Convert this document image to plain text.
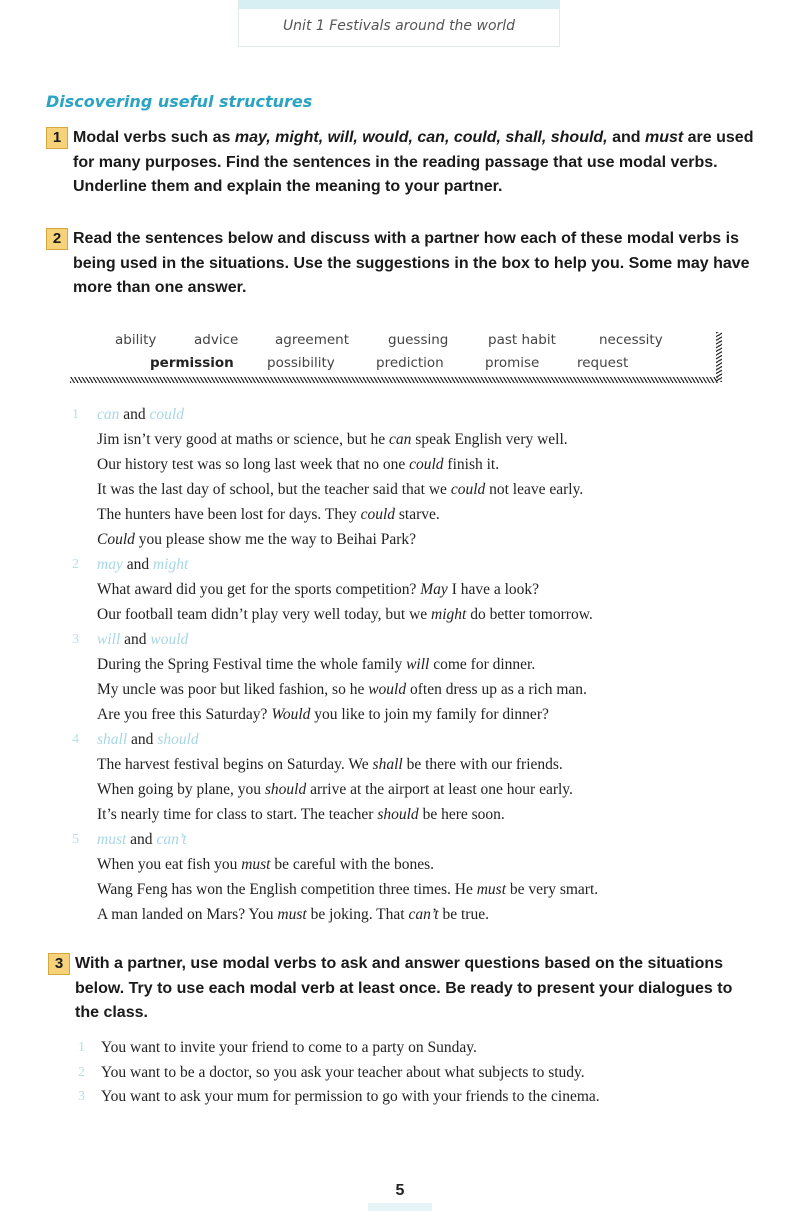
Unit 1 Festivals around the world
Discovering useful structures
1 Modal verbs such as may, might, will, would, can, could, shall, should, and must are used for many purposes. Find the sentences in the reading passage that use modal verbs. Underline them and explain the meaning to your partner.
2 Read the sentences below and discuss with a partner how each of these modal verbs is being used in the situations. Use the suggestions in the box to help you. Some may have more than one answer.
ability	advice	agreement	guessing	past habit	necessity
permission possibility	prediction	promise	request
1 can and could
Jim isn’t very good at maths or science, but he can speak English very well.
Our history test was so long last week that no one could finish it.
It was the last day of school, but the teacher said that we could not leave early.
The hunters have been lost for days. They could starve.
Could you please show me the way to Beihai Park?
2 may and might
What award did you get for the sports competition? May I have a look?
Our football team didn’t play very well today, but we might do better tomorrow.
3 will and would
During the Spring Festival time the whole family will come for dinner.
My uncle was poor but liked fashion, so he would often dress up as a rich man.
Are you free this Saturday? Would you like to join my family for dinner?
4 shall and should
The harvest festival begins on Saturday. We shall be there with our friends.
When going by plane, you should arrive at the airport at least one hour early.
It’s nearly time for class to start. The teacher should be here soon.
5 must and can’t
When you eat fish you must be careful with the bones.
Wang Feng has won the English competition three times. He must be very smart.
A man landed on Mars? You must be joking. That can’t be true.
3 With a partner, use modal verbs to ask and answer questions based on the situations below. Try to use each modal verb at least once. Be ready to present your dialogues to the class.
1 You want to invite your friend to come to a party on Sunday.
2 You want to be a doctor, so you ask your teacher about what subjects to study.
3 You want to ask your mum for permission to go with your friends to the cinema.
5
